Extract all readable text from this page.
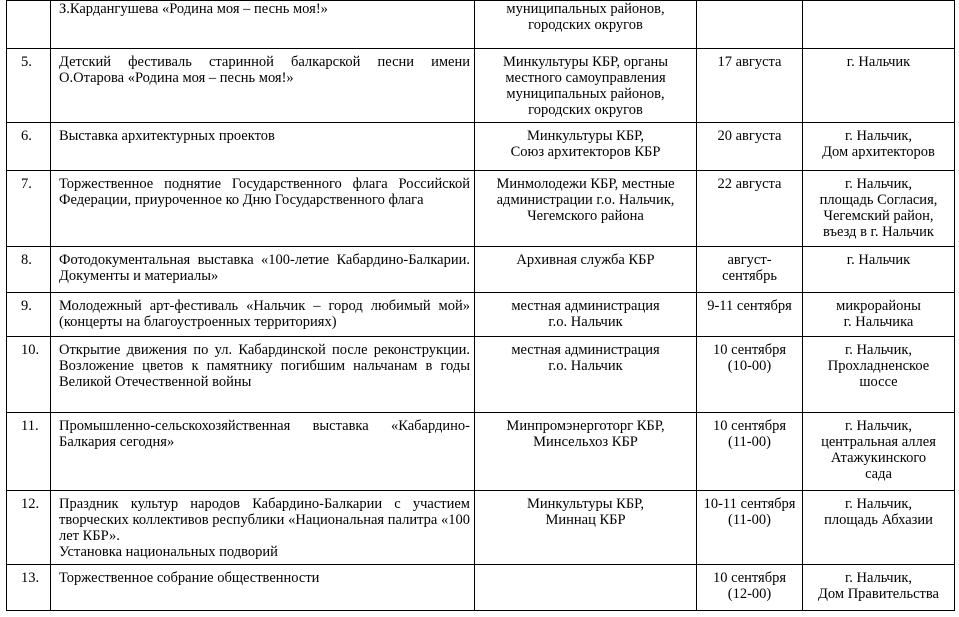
	З.Кардангушева «Родина моя – песнь моя!»	муниципальных районов,
городских округов		

5.	Детский фестиваль старинной балкарской песни имени О.Отарова «Родина моя – песнь моя!»	Минкультуры КБР, органы
местного самоуправления
муниципальных районов,
городских округов	17 августа	г. Нальчик

6.	Выставка архитектурных проектов	Минкультуры КБР,
Союз архитекторов КБР	20 августа	г. Нальчик,
Дом архитекторов

7.	Торжественное поднятие Государственного флага Российской Федерации, приуроченное ко Дню Государственного флага	Минмолодежи КБР, местные
администрации г.о. Нальчик,
Чегемского района	22 августа	г. Нальчик,
площадь Согласия,
Чегемский район,
въезд в г. Нальчик

8.	Фотодокументальная выставка «100-летие Кабардино-Балкарии. Документы и материалы»	Архивная служба КБР	август-
сентябрь	г. Нальчик

9.	Молодежный арт-фестиваль «Нальчик – город любимый мой» (концерты на благоустроенных территориях)	местная администрация
г.о. Нальчик	9-11 сентября	микрорайоны
г. Нальчика

10.	Открытие движения по ул. Кабардинской после реконструкции. Возложение цветов к памятнику погибшим нальчанам в годы Великой Отечественной войны	местная администрация
г.о. Нальчик	10 сентября
(10-00)	г. Нальчик,
Прохладненское
шоссе

11.	Промышленно-сельскохозяйственная выставка «Кабардино-Балкария сегодня»	Минпромэнерготорг КБР,
Минсельхоз КБР	10 сентября
(11-00)	г. Нальчик,
центральная аллея
Атажукинского
сада

12.	Праздник культур народов Кабардино-Балкарии с участием творческих коллективов республики «Национальная палитра «100 лет КБР».
Установка национальных подворий	Минкультуры КБР,
Миннац КБР	10-11 сентября
(11-00)	г. Нальчик,
площадь Абхазии

13.	Торжественное собрание общественности		10 сентября
(12-00)	г. Нальчик,
Дом Правительства
